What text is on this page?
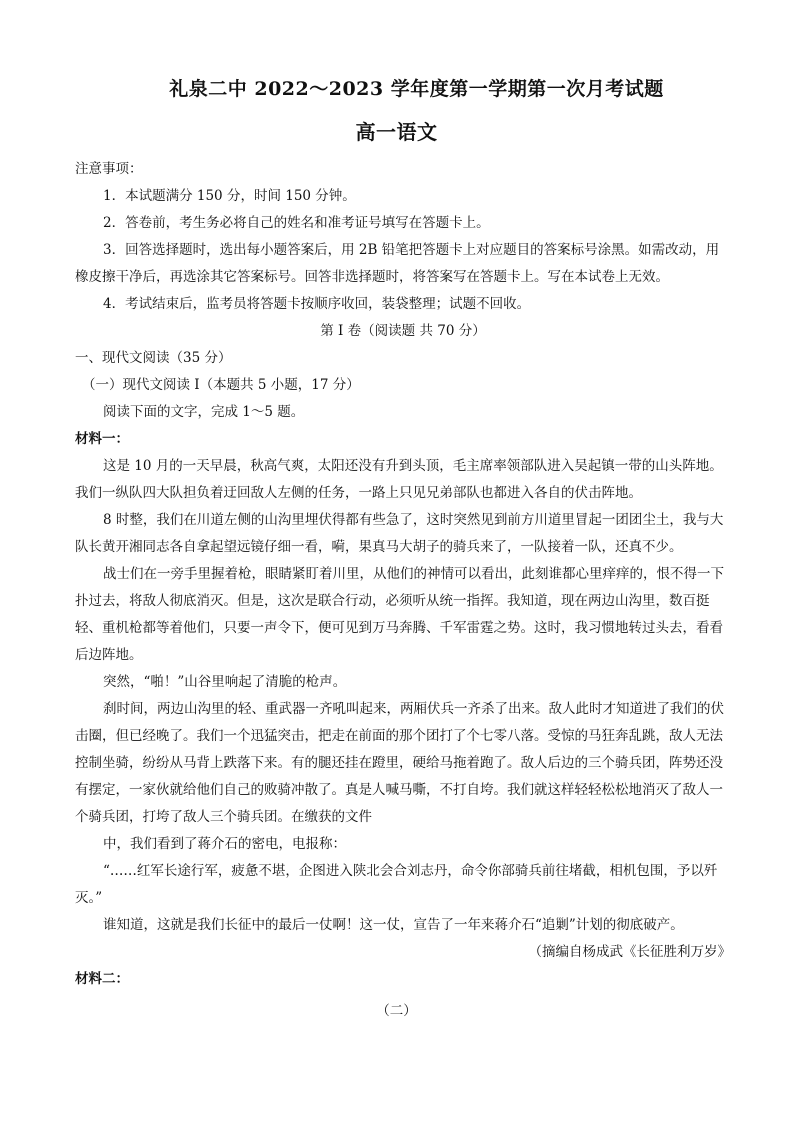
礼泉二中 2022～2023 学年度第一学期第一次月考试题
高一语文

注意事项：

1．本试题满分 150 分，时间 150 分钟。

2．答卷前，考生务必将自己的姓名和准考证号填写在答题卡上。

3．回答选择题时，选出每小题答案后，用 2B 铅笔把答题卡上对应题目的答案标号涂黑。如需改动，用橡皮擦干净后，再选涂其它答案标号。回答非选择题时，将答案写在答题卡上。写在本试卷上无效。

4．考试结束后，监考员将答题卡按顺序收回，装袋整理；试题不回收。

第 I 卷（阅读题 共 70 分）

一、现代文阅读（35 分）

（一）现代文阅读 I（本题共 5 小题，17 分）

阅读下面的文字，完成 1～5 题。

材料一：

这是 10 月的一天早晨，秋高气爽，太阳还没有升到头顶，毛主席率领部队进入吴起镇一带的山头阵地。我们一纵队四大队担负着迂回敌人左侧的任务，一路上只见兄弟部队也都进入各自的伏击阵地。

8 时整，我们在川道左侧的山沟里埋伏得都有些急了，这时突然见到前方川道里冒起一团团尘土，我与大队长黄开湘同志各自拿起望远镜仔细一看，嗬，果真马大胡子的骑兵来了，一队接着一队，还真不少。

战士们在一旁手里握着枪，眼睛紧盯着川里，从他们的神情可以看出，此刻谁都心里痒痒的，恨不得一下扑过去，将敌人彻底消灭。但是，这次是联合行动，必须听从统一指挥。我知道，现在两边山沟里，数百挺轻、重机枪都等着他们，只要一声令下，便可见到万马奔腾、千军雷霆之势。这时，我习惯地转过头去，看看后边阵地。

突然，“啪！”山谷里响起了清脆的枪声。

刹时间，两边山沟里的轻、重武器一齐吼叫起来，两厢伏兵一齐杀了出来。敌人此时才知道进了我们的伏击圈，但已经晚了。我们一个迅猛突击，把走在前面的那个团打了个七零八落。受惊的马狂奔乱跳，敌人无法控制坐骑，纷纷从马背上跌落下来。有的腿还挂在蹬里，硬给马拖着跑了。敌人后边的三个骑兵团，阵势还没有摆定，一家伙就给他们自己的败骑冲散了。真是人喊马嘶，不打自垮。我们就这样轻轻松松地消灭了敌人一个骑兵团，打垮了敌人三个骑兵团。在缴获的文件

中，我们看到了蒋介石的密电，电报称：

“……红军长途行军，疲惫不堪，企图进入陕北会合刘志丹，命令你部骑兵前往堵截，相机包围，予以歼灭。”

谁知道，这就是我们长征中的最后一仗啊！这一仗，宣告了一年来蒋介石“追剿”计划的彻底破产。

（摘编自杨成武《长征胜利万岁》

材料二：

（二）
